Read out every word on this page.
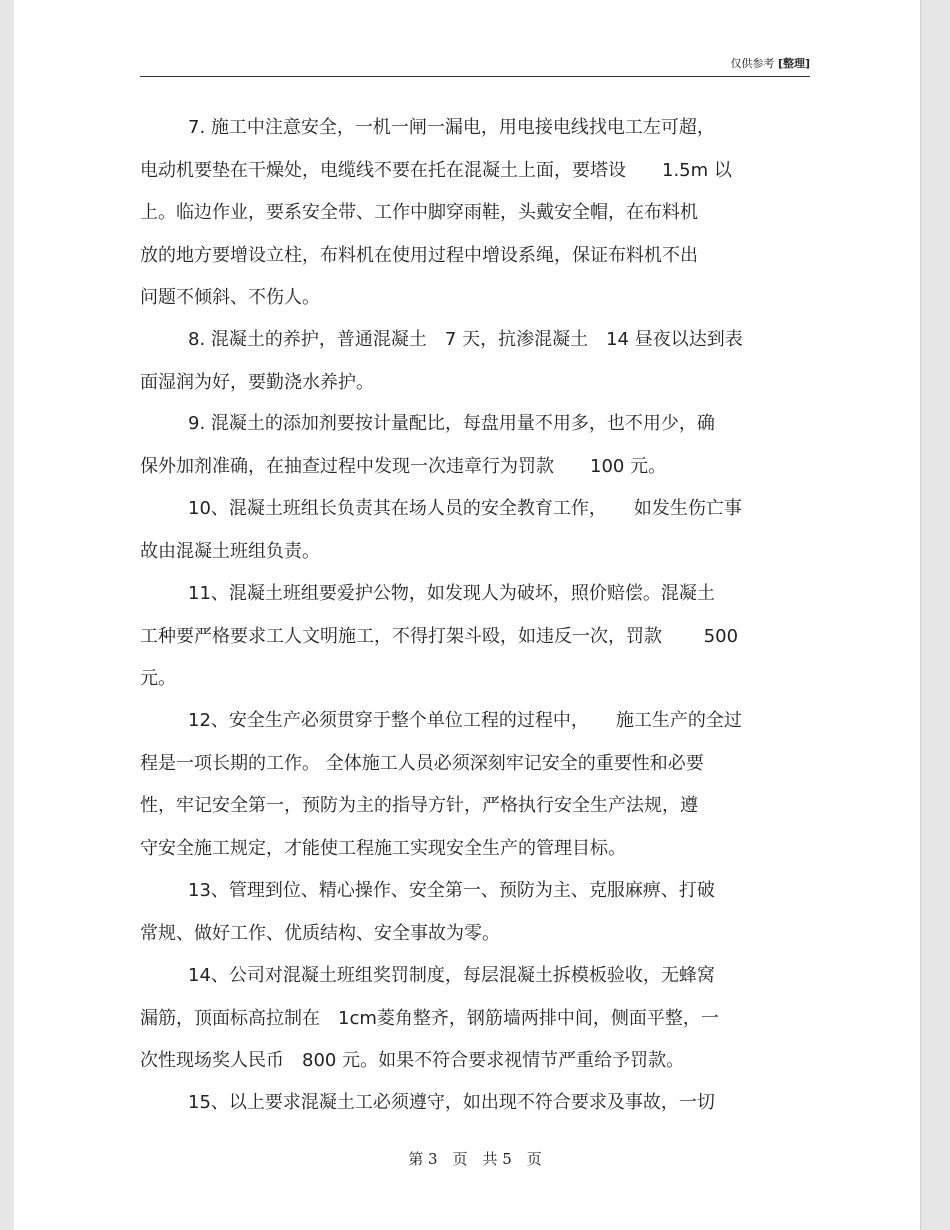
仅供参考 [整理]
7. 施工中注意安全，一机一闸一漏电，用电接电线找电工左可超，
电动机要垫在干燥处，电缆线不要在托在混凝土上面，要塔设　　1.5m 以
上。临边作业，要系安全带、工作中脚穿雨鞋，头戴安全帽，在布料机
放的地方要增设立柱，布料机在使用过程中增设系绳，保证布料机不出
问题不倾斜、不伤人。
8. 混凝土的养护，普通混凝土　7 天，抗渗混凝土　14 昼夜以达到表
面湿润为好，要勤浇水养护。
9. 混凝土的添加剂要按计量配比，每盘用量不用多，也不用少，确
保外加剂准确，在抽查过程中发现一次违章行为罚款　　100 元。
10、混凝土班组长负责其在场人员的安全教育工作，　　如发生伤亡事
故由混凝土班组负责。
11、混凝土班组要爱护公物，如发现人为破坏，照价赔偿。混凝土
工种要严格要求工人文明施工，不得打架斗殴，如违反一次，罚款　　 500
元。
12、安全生产必须贯穿于整个单位工程的过程中，　　施工生产的全过
程是一项长期的工作。 全体施工人员必须深刻牢记安全的重要性和必要
性，牢记安全第一，预防为主的指导方针，严格执行安全生产法规，遵
守安全施工规定，才能使工程施工实现安全生产的管理目标。
13、管理到位、精心操作、安全第一、预防为主、克服麻痹、打破
常规、做好工作、优质结构、安全事故为零。
14、公司对混凝土班组奖罚制度，每层混凝土拆模板验收，无蜂窝
漏筋，顶面标高拉制在　1cm菱角整齐，钢筋墙两排中间，侧面平整，一
次性现场奖人民币　800 元。如果不符合要求视情节严重给予罚款。
15、以上要求混凝土工必须遵守，如出现不符合要求及事故，一切
第 3　页　共 5　页
